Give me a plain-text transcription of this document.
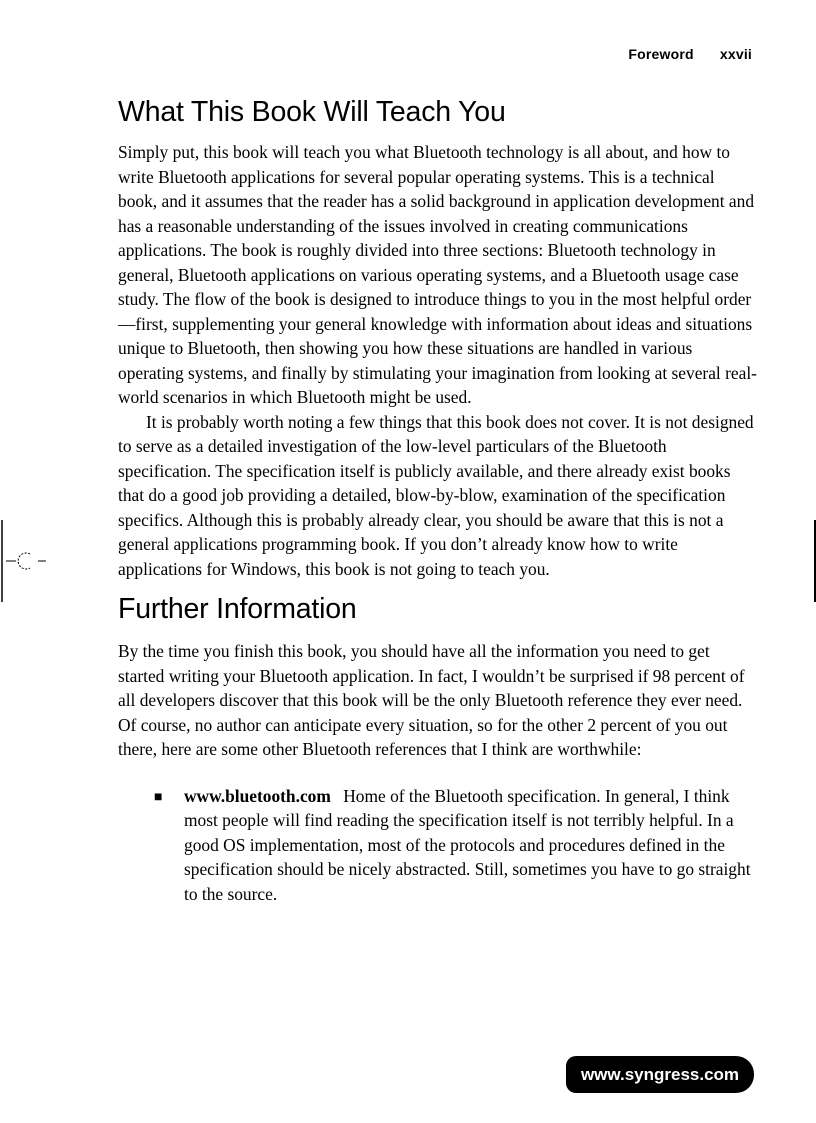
Foreword xxvii
What This Book Will Teach You

Simply put, this book will teach you what Bluetooth technology is all about, and how to write Bluetooth applications for several popular operating systems. This is a technical book, and it assumes that the reader has a solid background in application development and has a reasonable understanding of the issues involved in creating communications applications. The book is roughly divided into three sections: Bluetooth technology in general, Bluetooth applications on various operating systems, and a Bluetooth usage case study. The flow of the book is designed to introduce things to you in the most helpful order—first, supplementing your general knowledge with information about ideas and situations unique to Bluetooth, then showing you how these situations are handled in various operating systems, and finally by stimulating your imagination from looking at several real-world scenarios in which Bluetooth might be used.

It is probably worth noting a few things that this book does not cover. It is not designed to serve as a detailed investigation of the low-level particulars of the Bluetooth specification. The specification itself is publicly available, and there already exist books that do a good job providing a detailed, blow-by-blow, examination of the specification specifics. Although this is probably already clear, you should be aware that this is not a general applications programming book. If you don’t already know how to write applications for Windows, this book is not going to teach you.

Further Information

By the time you finish this book, you should have all the information you need to get started writing your Bluetooth application. In fact, I wouldn’t be surprised if 98 percent of all developers discover that this book will be the only Bluetooth reference they ever need. Of course, no author can anticipate every situation, so for the other 2 percent of you out there, here are some other Bluetooth references that I think are worthwhile:

■ www.bluetooth.com Home of the Bluetooth specification. In general, I think most people will find reading the specification itself is not terribly helpful. In a good OS implementation, most of the protocols and procedures defined in the specification should be nicely abstracted. Still, sometimes you have to go straight to the source.
www.syngress.com
